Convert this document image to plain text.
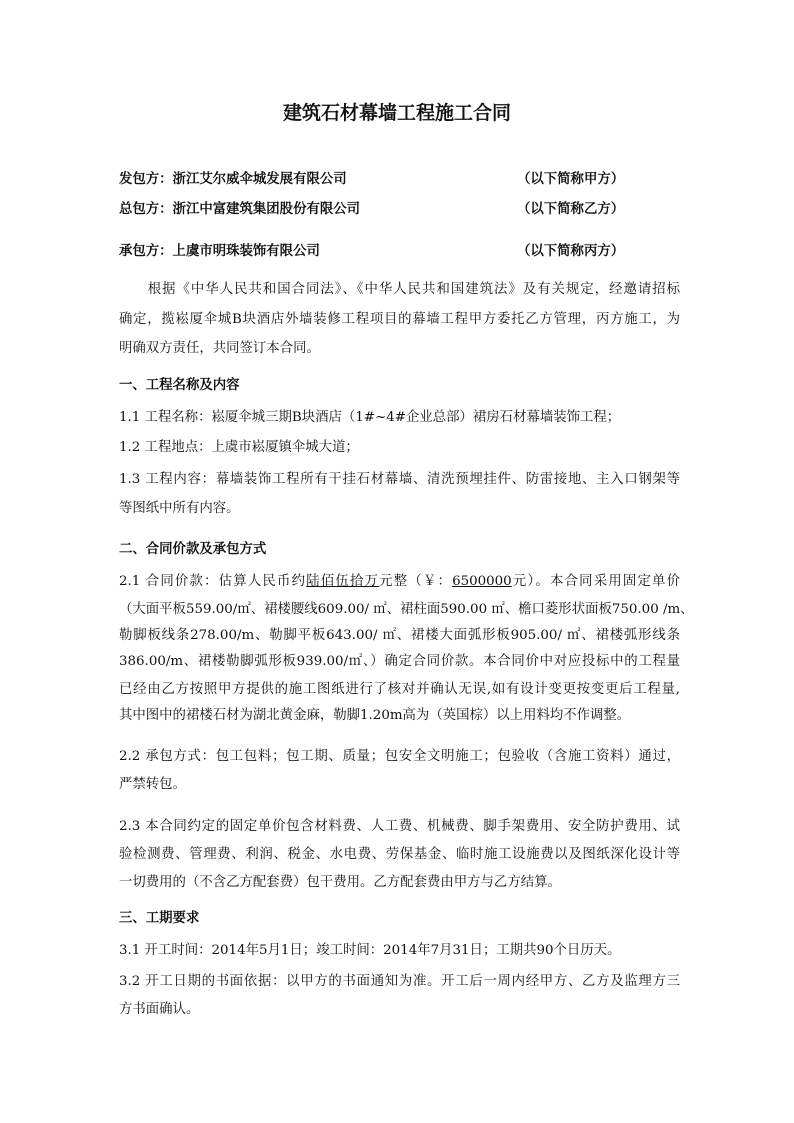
建筑石材幕墙工程施工合同
发包方：浙江艾尔威伞城发展有限公司	（以下简称甲方）
总包方：浙江中富建筑集团股份有限公司	（以下简称乙方）
承包方：上虞市明珠装饰有限公司	（以下简称丙方）
　　根据《中华人民共和国合同法》、《中华人民共和国建筑法》及有关规定，经邀请招标
确定，揽崧厦伞城B块酒店外墙装修工程项目的幕墙工程甲方委托乙方管理，丙方施工，为
明确双方责任，共同签订本合同。
一、工程名称及内容
1.1 工程名称：崧厦伞城三期B块酒店（1#~4#企业总部）裙房石材幕墙装饰工程；
1.2 工程地点：上虞市崧厦镇伞城大道；
1.3 工程内容：幕墙装饰工程所有干挂石材幕墙、清洗预埋挂件、防雷接地、主入口钢架等
等图纸中所有内容。
二、合同价款及承包方式
2.1 合同价款：估算人民币约陆佰伍拾万元整（￥：6500000元）。本合同采用固定单价
（大面平板559.00/㎡、裙楼腰线609.00/ ㎡、裙柱面590.00 ㎡、檐口菱形状面板750.00 /m、
勒脚板线条278.00/m、勒脚平板643.00/ ㎡、裙楼大面弧形板905.00/ ㎡、裙楼弧形线条
386.00/m、裙楼勒脚弧形板939.00/㎡、）确定合同价款。本合同价中对应投标中的工程量
已经由乙方按照甲方提供的施工图纸进行了核对并确认无误,如有设计变更按变更后工程量,
其中图中的裙楼石材为湖北黄金麻，勒脚1.20m高为（英国棕）以上用料均不作调整。
2.2 承包方式：包工包料；包工期、质量；包安全文明施工；包验收（含施工资料）通过，
严禁转包。
2.3 本合同约定的固定单价包含材料费、人工费、机械费、脚手架费用、安全防护费用、试
验检测费、管理费、利润、税金、水电费、劳保基金、临时施工设施费以及图纸深化设计等
一切费用的（不含乙方配套费）包干费用。乙方配套费由甲方与乙方结算。
三、工期要求
3.1 开工时间：2014年5月1日；竣工时间：2014年7月31日；工期共90个日历天。
3.2 开工日期的书面依据：以甲方的书面通知为准。开工后一周内经甲方、乙方及监理方三
方书面确认。
